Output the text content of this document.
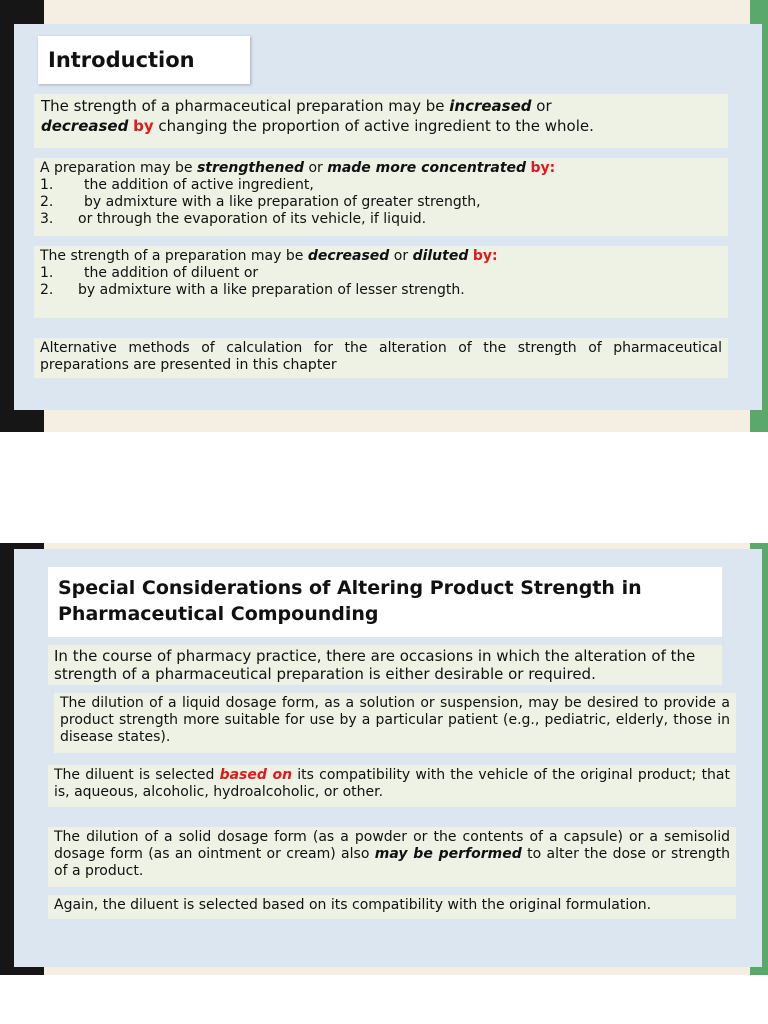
Introduction
The strength of a pharmaceutical preparation may be increased or
decreased by changing the proportion of active ingredient to the whole.
A preparation may be strengthened or made more concentrated by:
1.	the addition of active ingredient,
2.	by admixture with a like preparation of greater strength,
3.	or through the evaporation of its vehicle, if liquid.
The strength of a preparation may be decreased or diluted by:
1.	the addition of diluent or
2.	by admixture with a like preparation of lesser strength.
Alternative methods of calculation for the alteration of the strength of pharmaceutical preparations are presented in this chapter
Special Considerations of Altering Product Strength in Pharmaceutical Compounding
In the course of pharmacy practice, there are occasions in which the alteration of the strength of a pharmaceutical preparation is either desirable or required.
The dilution of a liquid dosage form, as a solution or suspension, may be desired to provide a product strength more suitable for use by a particular patient (e.g., pediatric, elderly, those in disease states).
The diluent is selected based on its compatibility with the vehicle of the original product; that is, aqueous, alcoholic, hydroalcoholic, or other.
The dilution of a solid dosage form (as a powder or the contents of a capsule) or a semisolid dosage form (as an ointment or cream) also may be performed to alter the dose or strength of a product.
Again, the diluent is selected based on its compatibility with the original formulation.
